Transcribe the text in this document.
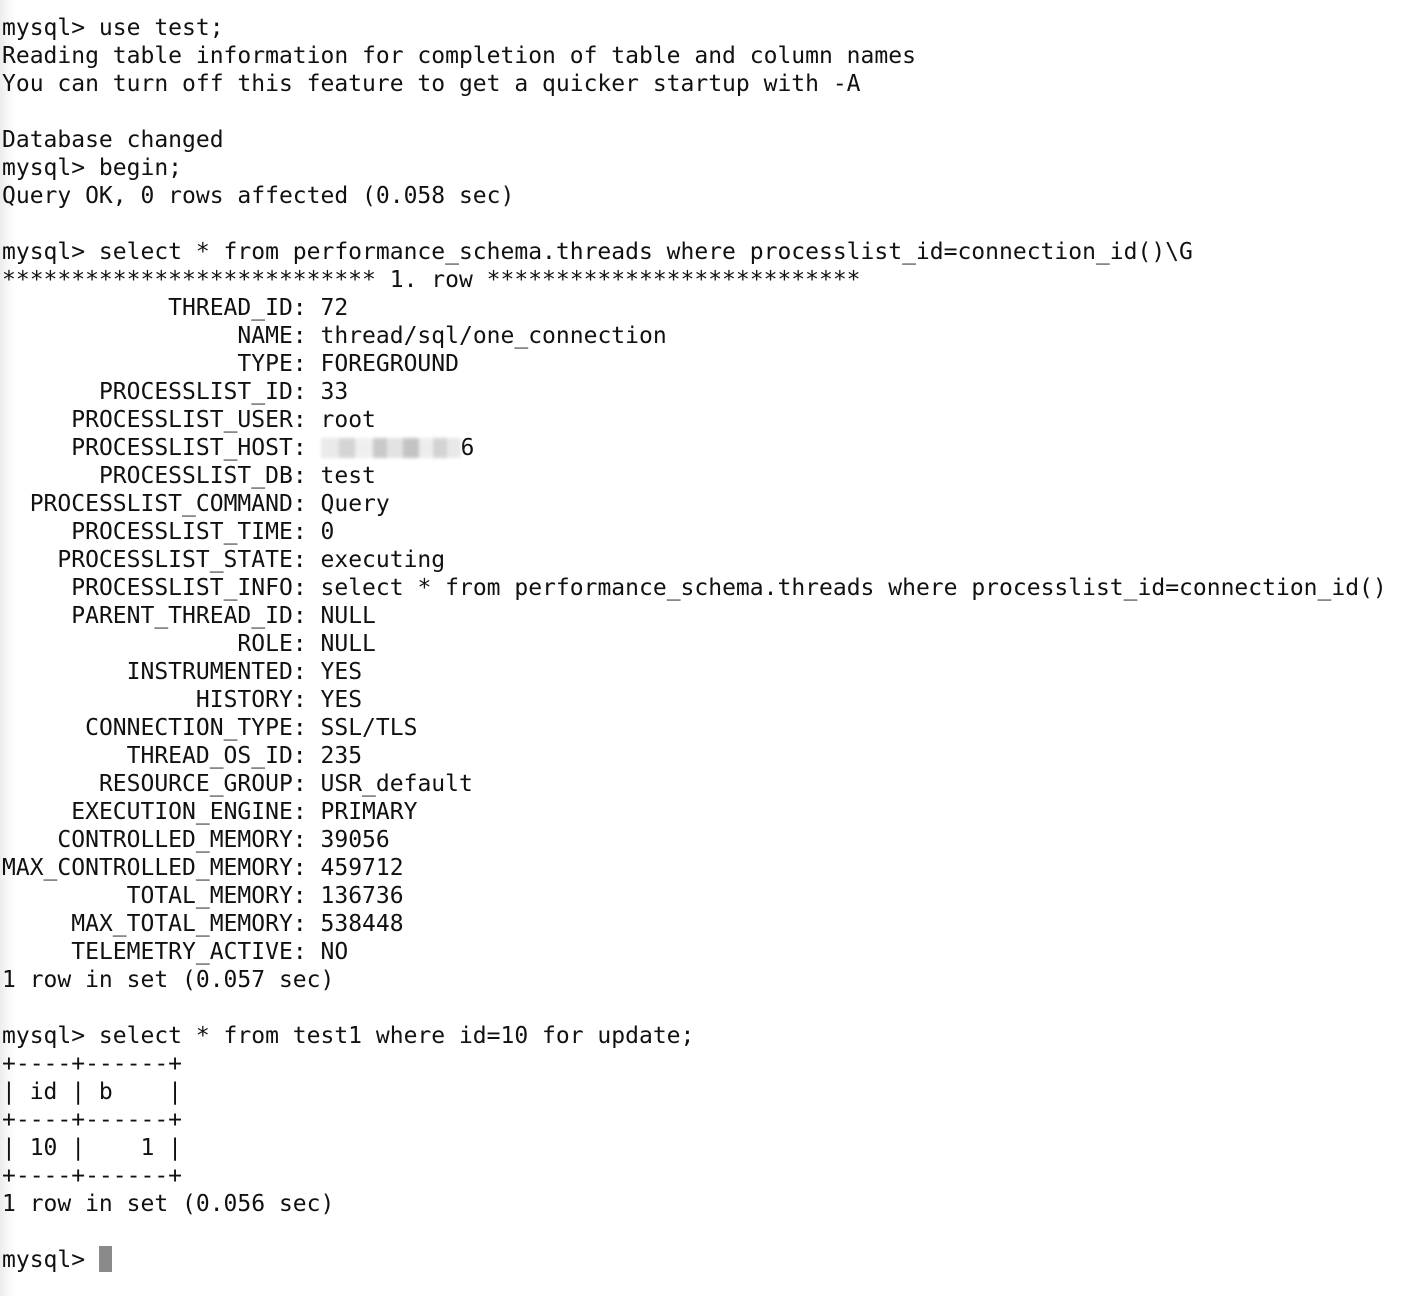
mysql> use test;
Reading table information for completion of table and column names
You can turn off this feature to get a quicker startup with -A
Database changed
mysql> begin;
Query OK, 0 rows affected (0.058 sec)
mysql> select * from performance_schema.threads where processlist_id=connection_id()\G
*************************** 1. row ***************************
THREAD_ID: 72
NAME: thread/sql/one_connection
TYPE: FOREGROUND
PROCESSLIST_ID: 33
PROCESSLIST_USER: root
PROCESSLIST_HOST:	6
PROCESSLIST_DB: test
PROCESSLIST_COMMAND: Query
PROCESSLIST_TIME: 0
PROCESSLIST_STATE: executing
PROCESSLIST_INFO: select * from performance_schema.threads where processlist_id=connection_id()
PARENT_THREAD_ID: NULL
ROLE: NULL
INSTRUMENTED: YES
HISTORY: YES
CONNECTION_TYPE: SSL/TLS
THREAD_OS_ID: 235
RESOURCE_GROUP: USR_default
EXECUTION_ENGINE: PRIMARY
CONTROLLED_MEMORY: 39056
MAX_CONTROLLED_MEMORY: 459712
TOTAL_MEMORY: 136736
MAX_TOTAL_MEMORY: 538448
TELEMETRY_ACTIVE: NO
1 row in set (0.057 sec)
mysql> select * from test1 where id=10 for update;
+----+------+
| id | b    |
+----+------+
| 10 |    1 |
+----+------+
1 row in set (0.056 sec)
mysql>
